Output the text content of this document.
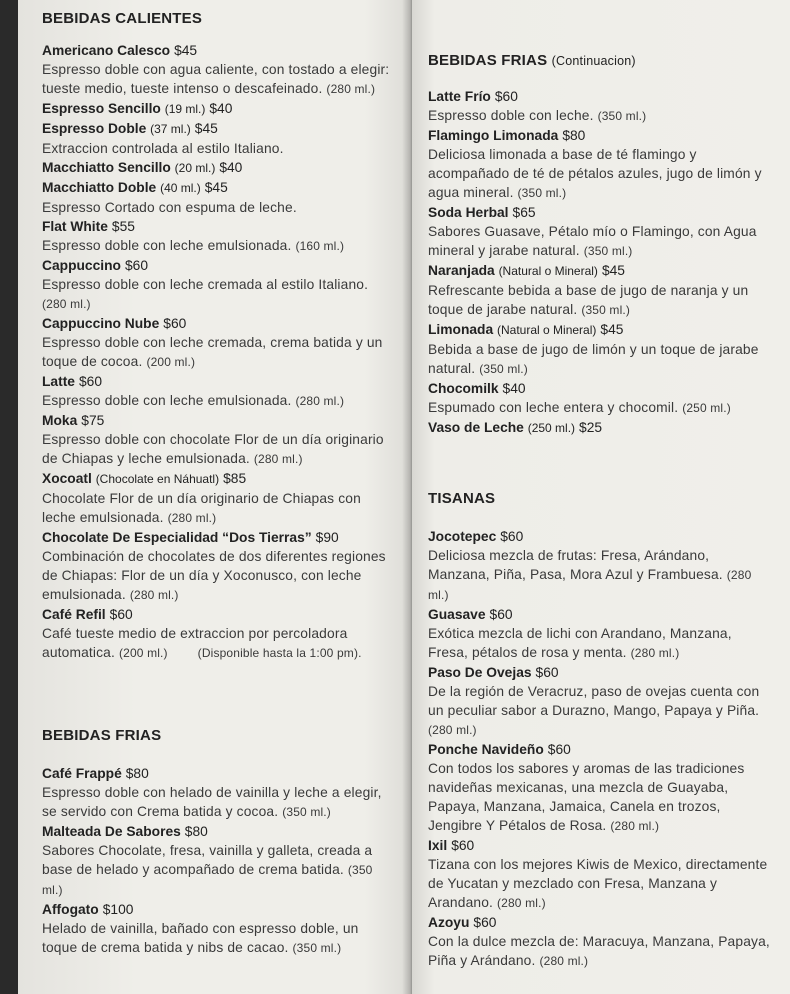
BEBIDAS CALIENTES
Americano Calesco $45
Espresso doble con agua caliente, con tostado a elegir: tueste medio, tueste intenso o descafeinado. (280 ml.)
Espresso Sencillo (19 ml.) $40
Espresso Doble (37 ml.) $45
Extraccion controlada al estilo Italiano.
Macchiatto Sencillo (20 ml.) $40
Macchiatto Doble (40 ml.) $45
Espresso Cortado con espuma de leche.
Flat White $55
Espresso doble con leche emulsionada. (160 ml.)
Cappuccino $60
Espresso doble con leche cremada al estilo Italiano. (280 ml.)
Cappuccino Nube $60
Espresso doble con leche cremada, crema batida y un toque de cocoa. (200 ml.)
Latte $60
Espresso doble con leche emulsionada. (280 ml.)
Moka $75
Espresso doble con chocolate Flor de un día originario de Chiapas y leche emulsionada. (280 ml.)
Xocoatl (Chocolate en Náhuatl) $85
Chocolate Flor de un día originario de Chiapas con leche emulsionada. (280 ml.)
Chocolate De Especialidad “Dos Tierras” $90
Combinación de chocolates de dos diferentes regiones de Chiapas: Flor de un día y Xoconusco, con leche emulsionada. (280 ml.)
Café Refil $60
Café tueste medio de extraccion por percoladora automatica. (200 ml.)	(Disponible hasta la 1:00 pm).
BEBIDAS FRIAS
Café Frappé $80
Espresso doble con helado de vainilla y leche a elegir, se servido con Crema batida y cocoa. (350 ml.)
Malteada De Sabores $80
Sabores Chocolate, fresa, vainilla y galleta, creada a base de helado y acompañado de crema batida. (350 ml.)
Affogato $100
Helado de vainilla, bañado con espresso doble, un toque de crema batida y nibs de cacao. (350 ml.)
BEBIDAS FRIAS (Continuacion)
Latte Frío $60
Espresso doble con leche. (350 ml.)
Flamingo Limonada $80
Deliciosa limonada a base de té flamingo y acompañado de té de pétalos azules, jugo de limón y agua mineral. (350 ml.)
Soda Herbal $65
Sabores Guasave, Pétalo mío o Flamingo, con Agua mineral y jarabe natural. (350 ml.)
Naranjada (Natural o Mineral) $45
Refrescante bebida a base de jugo de naranja y un toque de jarabe natural. (350 ml.)
Limonada (Natural o Mineral) $45
Bebida a base de jugo de limón y un toque de jarabe natural. (350 ml.)
Chocomilk $40
Espumado con leche entera y chocomil. (250 ml.)
Vaso de Leche (250 ml.) $25
TISANAS
Jocotepec $60
Deliciosa mezcla de frutas: Fresa, Arándano, Manzana, Piña, Pasa, Mora Azul y Frambuesa. (280 ml.)
Guasave $60
Exótica mezcla de lichi con Arandano, Manzana, Fresa, pétalos de rosa y menta. (280 ml.)
Paso De Ovejas $60
De la región de Veracruz, paso de ovejas cuenta con un peculiar sabor a Durazno, Mango, Papaya y Piña. (280 ml.)
Ponche Navideño $60
Con todos los sabores y aromas de las tradiciones navideñas mexicanas, una mezcla de Guayaba, Papaya, Manzana, Jamaica, Canela en trozos, Jengibre Y Pétalos de Rosa. (280 ml.)
Ixil $60
Tizana con los mejores Kiwis de Mexico, directamente de Yucatan y mezclado con Fresa, Manzana y Arandano. (280 ml.)
Azoyu $60
Con la dulce mezcla de: Maracuya, Manzana, Papaya, Piña y Arándano. (280 ml.)
